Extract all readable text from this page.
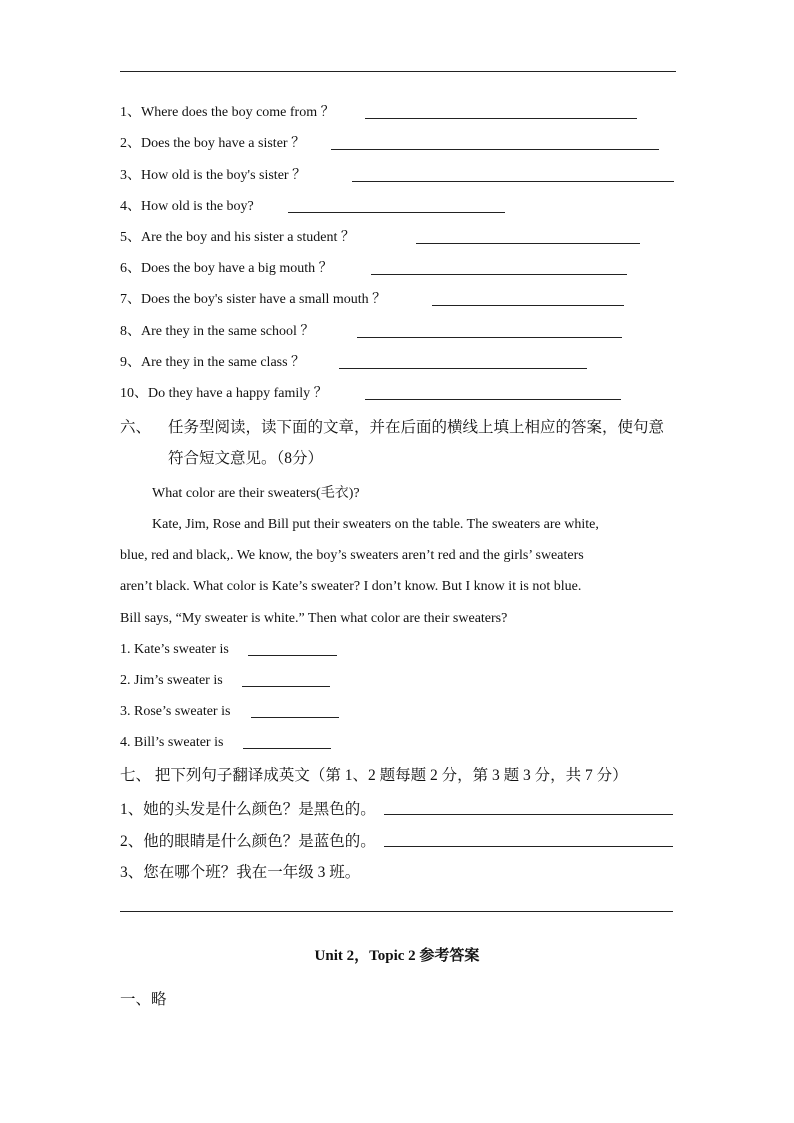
1、Where does the boy come from ？
2、Does the boy have a sister ？
3、How old is the boy's sister ？
4、How old is the boy?
5、Are the boy and his sister a student ？
6、Does the boy have a big mouth ？
7、Does the boy's sister have a small mouth ？
8、Are they in the same school ？
9、Are they in the same class ？
10、Do they have a happy family ？
六、 任务型阅读，读下面的文章，并在后面的横线上填上相应的答案，使句意
符合短文意见。（8分）
What color are their sweaters(毛衣)?
Kate, Jim, Rose and Bill put their sweaters on the table. The sweaters are white,
blue, red and black,. We know, the boy’s sweaters aren’t red and the girls’ sweaters
aren’t black. What color is Kate’s sweater? I don’t know. But I know it is not blue.
Bill says, “My sweater is white.” Then what color are their sweaters?
1. Kate’s sweater is
2. Jim’s sweater is
3. Rose’s sweater is
4. Bill’s sweater is
七、 把下列句子翻译成英文（第 1、2 题每题 2 分，第 3 题 3 分，共 7 分）
1、她的头发是什么颜色？是黑色的。
2、他的眼睛是什么颜色？是蓝色的。
3、您在哪个班？我在一年级 3 班。
Unit 2，Topic 2 参考答案
一、略
